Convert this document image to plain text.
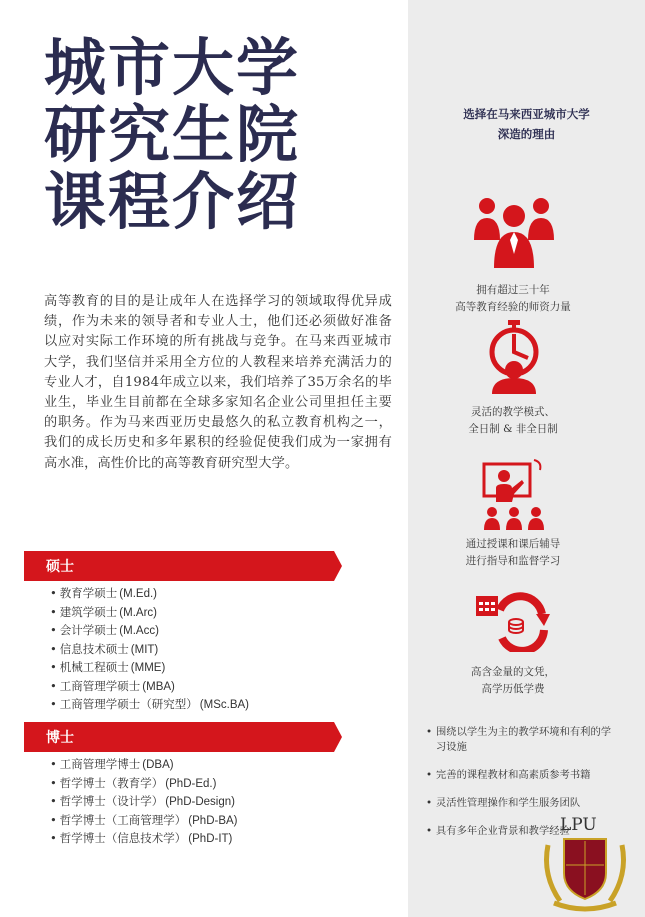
城市大学
研究生院
课程介绍
高等教育的目的是让成年人在选择学习的领域取得优异成绩，作为未来的领导者和专业人士，他们还必须做好准备以应对实际工作环境的所有挑战与竞争。在马来西亚城市大学，我们坚信并采用全方位的人教程来培养充满活力的专业人才，自1984年成立以来，我们培养了35万余名的毕业生，毕业生目前都在全球多家知名企业公司里担任主要的职务。作为马来西亚历史最悠久的私立教育机构之一，我们的成长历史和多年累积的经验促使我们成为一家拥有高水准，高性价比的高等教育研究型大学。
硕士
• 教育学硕士 (M.Ed.)
• 建筑学硕士 (M.Arc)
• 会计学硕士 (M.Acc)
• 信息技术硕士 (MIT)
• 机械工程硕士 (MME)
• 工商管理学硕士 (MBA)
• 工商管理学硕士（研究型） (MSc.BA)
博士
• 工商管理学博士 (DBA)
• 哲学博士（教育学） (PhD-Ed.)
• 哲学博士（设计学） (PhD-Design)
• 哲学博士（工商管理学） (PhD-BA)
• 哲学博士（信息技术学） (PhD-IT)
选择在马来西亚城市大学
深造的理由
拥有超过三十年
高等教育经验的师资力量
灵活的教学模式、
全日制 & 非全日制
通过授课和课后辅导
进行指导和监督学习
高含金量的文凭，
高学历低学费
• 围绕以学生为主的教学环境和有利的学习设施
• 完善的课程教材和高素质参考书籍
• 灵活性管理操作和学生服务团队
• 具有多年企业背景和教学经验
LPU
